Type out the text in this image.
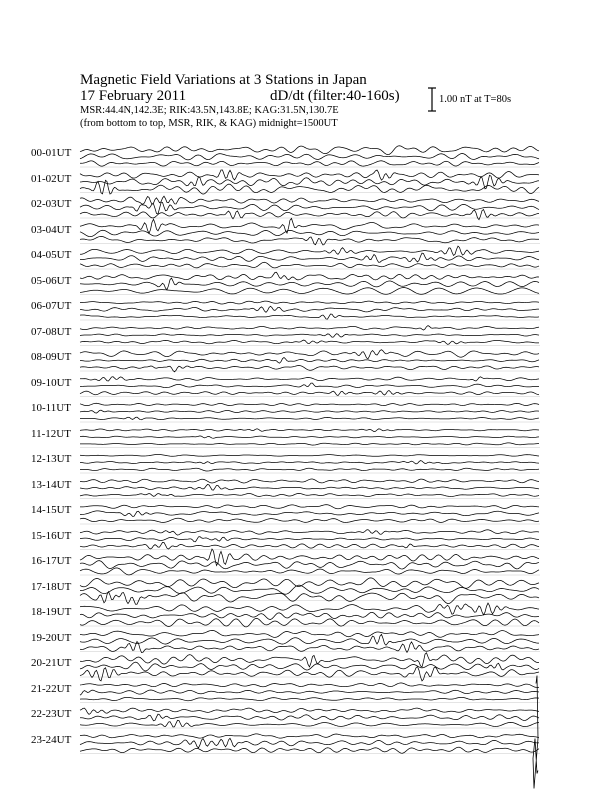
Magnetic Field Variations at 3 Stations in Japan
17 February 2011	dD/dt (filter:40-160s)
MSR:44.4N,142.3E; RIK:43.5N,143.8E; KAG:31.5N,130.7E
(from bottom to top, MSR, RIK, & KAG) midnight=1500UT
1.00 nT at T=80s
00-01UT
01-02UT
02-03UT
03-04UT
04-05UT
05-06UT
06-07UT
07-08UT
08-09UT
09-10UT
10-11UT
11-12UT
12-13UT
13-14UT
14-15UT
15-16UT
16-17UT
17-18UT
18-19UT
19-20UT
20-21UT
21-22UT
22-23UT
23-24UT
